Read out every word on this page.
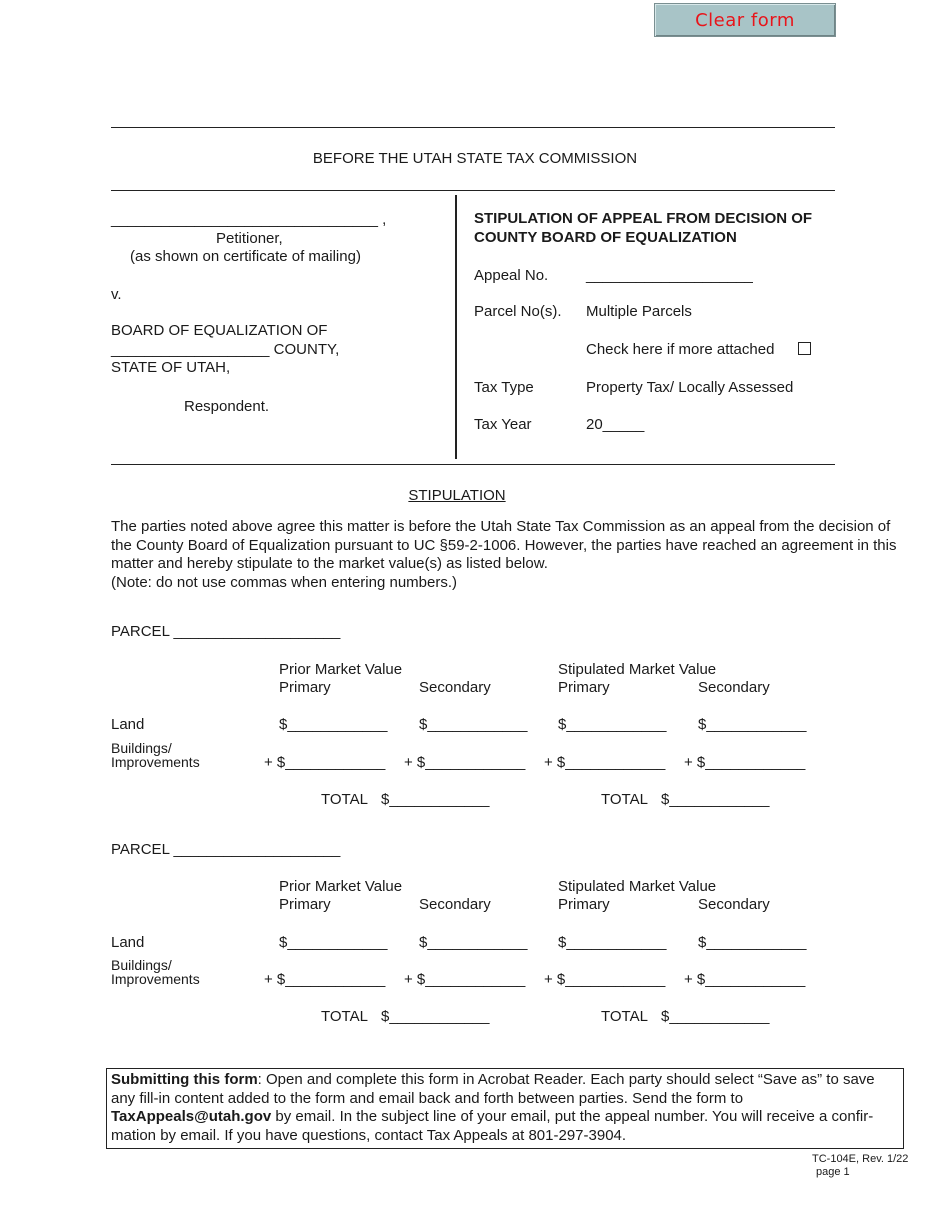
Clear form
BEFORE THE UTAH STATE TAX COMMISSION
________________________________ ,
Petitioner,
(as shown on certificate of mailing)
v.
BOARD OF EQUALIZATION OF
___________________ COUNTY,
STATE OF UTAH,
Respondent.
STIPULATION OF APPEAL FROM DECISION OF
COUNTY BOARD OF EQUALIZATION
Appeal No.	____________________
Parcel No(s). Multiple Parcels
Check here if more attached
Tax Type	Property Tax/ Locally Assessed
Tax Year	20_____
STIPULATION
The parties noted above agree this matter is before the Utah State Tax Commission as an appeal from the decision of the County Board of Equalization pursuant to UC §59-2-1006. However, the parties have reached an agreement in this matter and hereby stipulate to the market value(s) as listed below.
(Note: do not use commas when entering numbers.)
PARCEL ____________________
Prior Market Value	Stipulated Market Value
Primary	Secondary	Primary	Secondary
Land	$____________ $____________ $____________ $____________
Buildings/
Improvements	+ $____________ + $____________ + $____________ + $____________
TOTAL $____________	TOTAL $____________
PARCEL ____________________
Prior Market Value	Stipulated Market Value
Primary	Secondary	Primary	Secondary
Land	$____________ $____________ $____________ $____________
Buildings/
Improvements	+ $____________ + $____________ + $____________ + $____________
TOTAL $____________	TOTAL $____________
Submitting this form: Open and complete this form in Acrobat Reader. Each party should select “Save as” to save any fill-in content added to the form and email back and forth between parties. Send the form to TaxAppeals@utah.gov by email. In the subject line of your email, put the appeal number. You will receive a confir-mation by email. If you have questions, contact Tax Appeals at 801-297-3904.
TC-104E, Rev. 1/22
page 1
